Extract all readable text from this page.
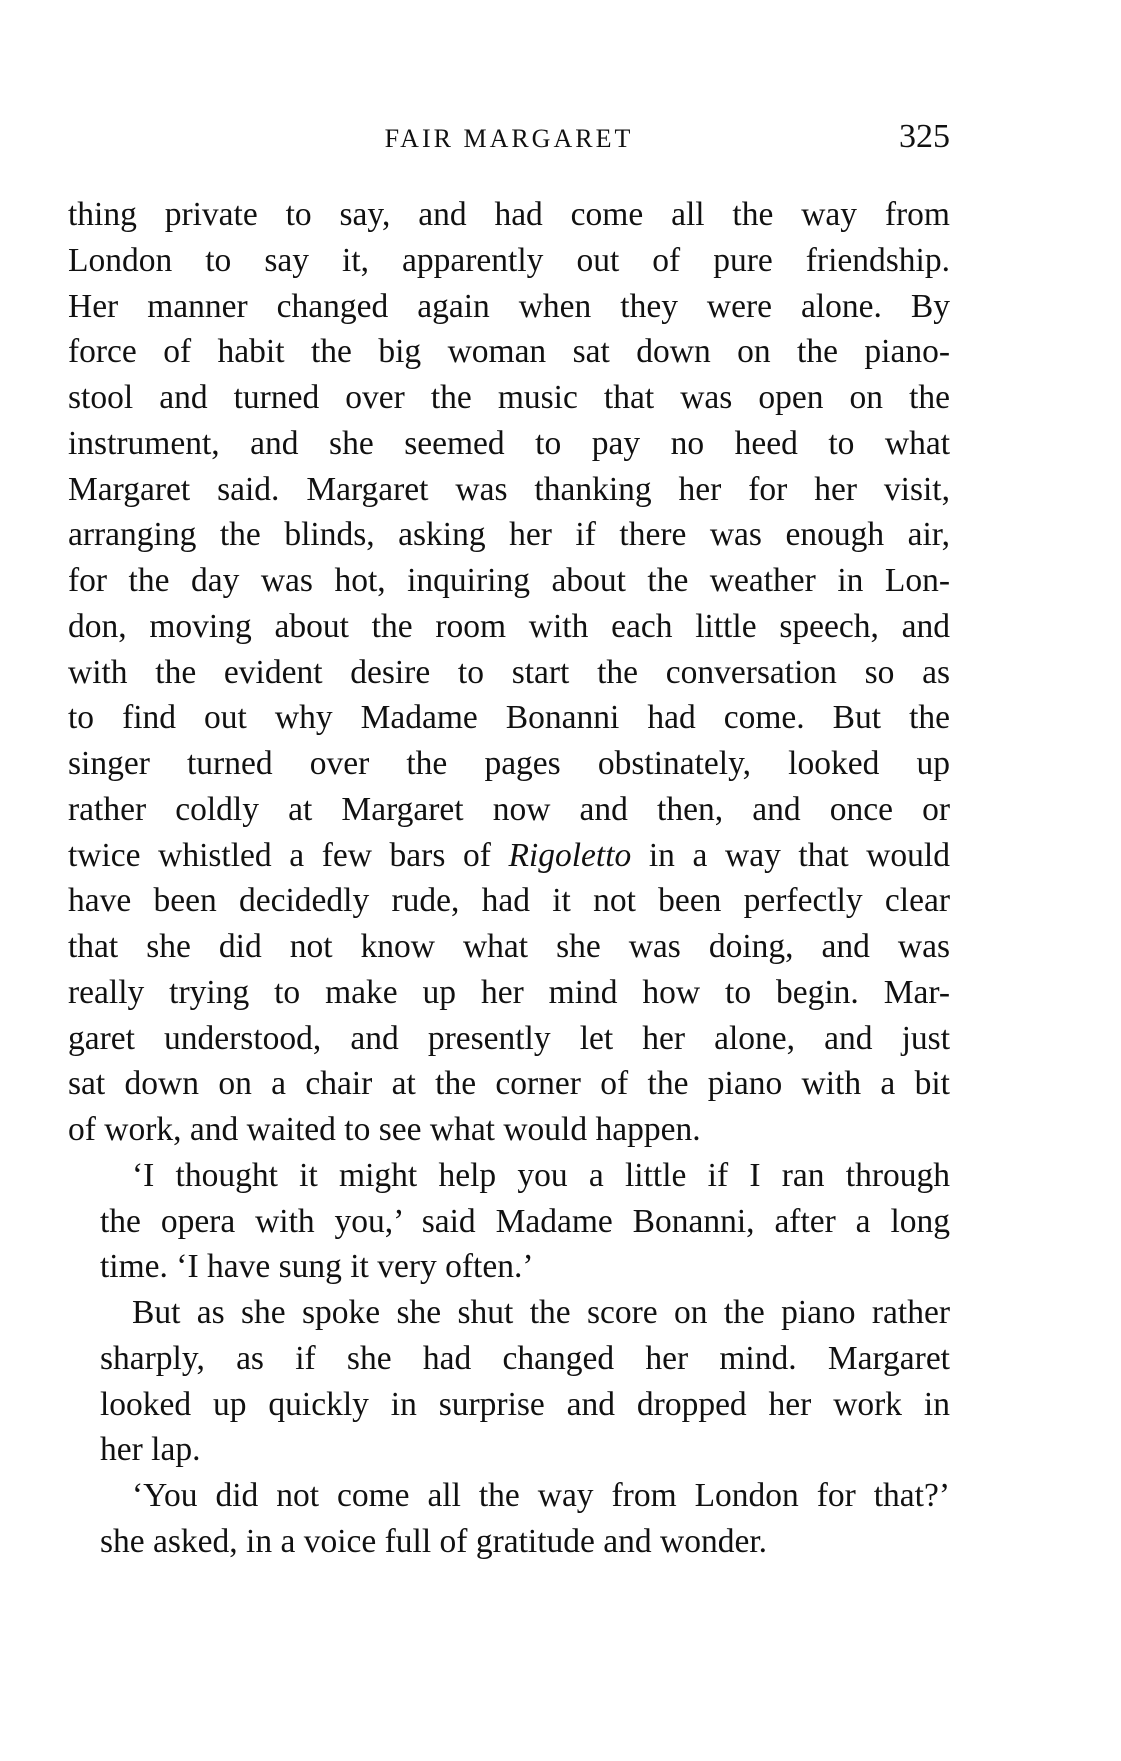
FAIR MARGARET	325

thing private to say, and had come all the way from
London to say it, apparently out of pure friendship.
Her manner changed again when they were alone. By
force of habit the big woman sat down on the piano-
stool and turned over the music that was open on the
instrument, and she seemed to pay no heed to what
Margaret said. Margaret was thanking her for her visit,
arranging the blinds, asking her if there was enough air,
for the day was hot, inquiring about the weather in Lon-
don, moving about the room with each little speech, and
with the evident desire to start the conversation so as
to find out why Madame Bonanni had come. But the
singer turned over the pages obstinately, looked up
rather coldly at Margaret now and then, and once or
twice whistled a few bars of Rigoletto in a way that would
have been decidedly rude, had it not been perfectly clear
that she did not know what she was doing, and was
really trying to make up her mind how to begin. Mar-
garet understood, and presently let her alone, and just
sat down on a chair at the corner of the piano with a bit
of work, and waited to see what would happen.

‘I thought it might help you a little if I ran through
the opera with you,’ said Madame Bonanni, after a long
time. ‘I have sung it very often.’

But as she spoke she shut the score on the piano rather
sharply, as if she had changed her mind. Margaret
looked up quickly in surprise and dropped her work in
her lap.

‘You did not come all the way from London for that?’
she asked, in a voice full of gratitude and wonder.
